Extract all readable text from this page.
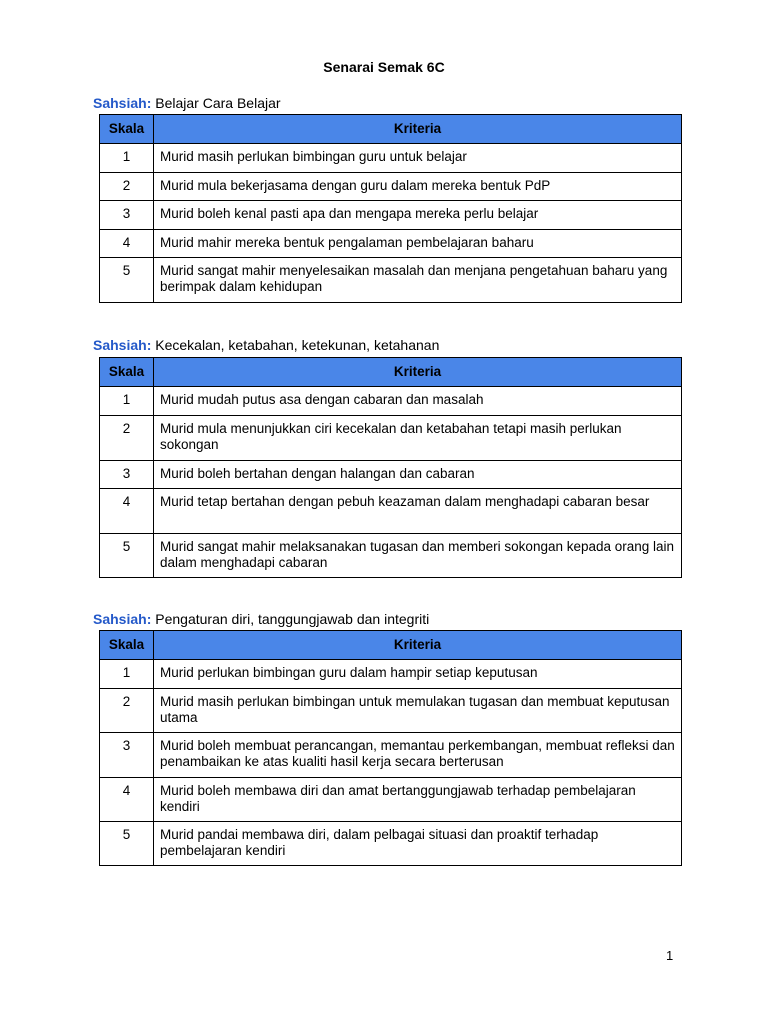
Senarai Semak 6C
Sahsiah: Belajar Cara Belajar
Skala	Kriteria
1	Murid masih perlukan bimbingan guru untuk belajar
2	Murid mula bekerjasama dengan guru dalam mereka bentuk PdP
3	Murid boleh kenal pasti apa dan mengapa mereka perlu belajar
4	Murid mahir mereka bentuk pengalaman pembelajaran baharu
5	Murid sangat mahir menyelesaikan masalah dan menjana pengetahuan baharu yang berimpak dalam kehidupan
Sahsiah: Kecekalan, ketabahan, ketekunan, ketahanan
Skala	Kriteria
1	Murid mudah putus asa dengan cabaran dan masalah
2	Murid mula menunjukkan ciri kecekalan dan ketabahan tetapi masih perlukan sokongan
3	Murid boleh bertahan dengan halangan dan cabaran
4	Murid tetap bertahan dengan pebuh keazaman dalam menghadapi cabaran besar
5	Murid sangat mahir melaksanakan tugasan dan memberi sokongan kepada orang lain dalam menghadapi cabaran
Sahsiah: Pengaturan diri, tanggungjawab dan integriti
Skala	Kriteria
1	Murid perlukan bimbingan guru dalam hampir setiap keputusan
2	Murid masih perlukan bimbingan untuk memulakan tugasan dan membuat keputusan utama
3	Murid boleh membuat perancangan, memantau perkembangan, membuat refleksi dan penambaikan ke atas kualiti hasil kerja secara berterusan
4	Murid boleh membawa diri dan amat bertanggungjawab terhadap pembelajaran kendiri
5	Murid pandai membawa diri, dalam pelbagai situasi dan proaktif terhadap pembelajaran kendiri
1
